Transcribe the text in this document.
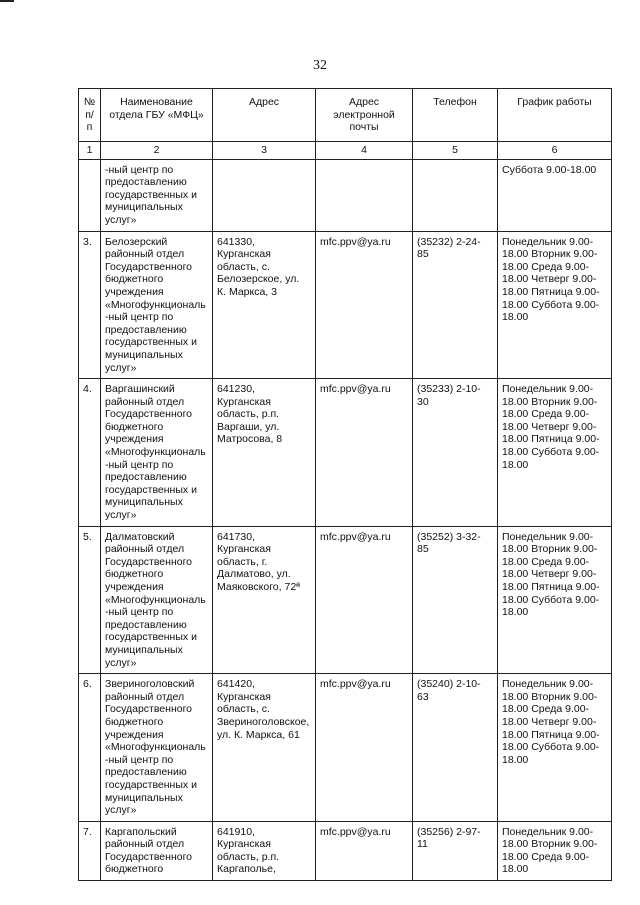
32
№ п/п	Наименование отдела ГБУ «МФЦ»	Адрес	Адрес электронной почты	Телефон	График работы
1	2	3	4	5	6
	-ный центр по предоставлению государственных и муниципальных услуг»				Суббота 9.00-18.00
3.	Белозерский районный отдел Государственного бюджетного учреждения «Многофункциональ -ный центр по предоставлению государственных и муниципальных услуг»	641330, Курганская область, с. Белозерское, ул. К. Маркса, 3	mfc.ppv@ya.ru	(35232) 2-24- 85	Понедельник 9.00- 18.00 Вторник 9.00-18.00 Среда 9.00-18.00 Четверг 9.00-18.00 Пятница 9.00-18.00 Суббота 9.00-18.00
4.	Варгашинский районный отдел Государственного бюджетного учреждения «Многофункциональ -ный центр по предоставлению государственных и муниципальных услуг»	641230, Курганская область, р.п. Варгаши, ул. Матросова, 8	mfc.ppv@ya.ru	(35233) 2-10- 30	Понедельник 9.00- 18.00 Вторник 9.00-18.00 Среда 9.00-18.00 Четверг 9.00-18.00 Пятница 9.00-18.00 Суббота 9.00-18.00
5.	Далматовский районный отдел Государственного бюджетного учреждения «Многофункциональ -ный центр по предоставлению государственных и муниципальных услуг»	641730, Курганская область, г. Далматово, ул. Маяковского, 72ª	mfc.ppv@ya.ru	(35252) 3-32- 85	Понедельник 9.00- 18.00 Вторник 9.00-18.00 Среда 9.00-18.00 Четверг 9.00-18.00 Пятница 9.00-18.00 Суббота 9.00-18.00
6.	Звериноголовский районный отдел Государственного бюджетного учреждения «Многофункциональ -ный центр по предоставлению государственных и муниципальных услуг»	641420, Курганская область, с. Звериноголовское, ул. К. Маркса, 61	mfc.ppv@ya.ru	(35240) 2-10- 63	Понедельник 9.00- 18.00 Вторник 9.00-18.00 Среда 9.00-18.00 Четверг 9.00-18.00 Пятница 9.00-18.00 Суббота 9.00-18.00
7.	Каргапольский районный отдел Государственного бюджетного	641910, Курганская область, р.п. Каргаполье,	mfc.ppv@ya.ru	(35256) 2-97- 11	Понедельник 9.00- 18.00 Вторник 9.00-18.00 Среда 9.00-18.00
